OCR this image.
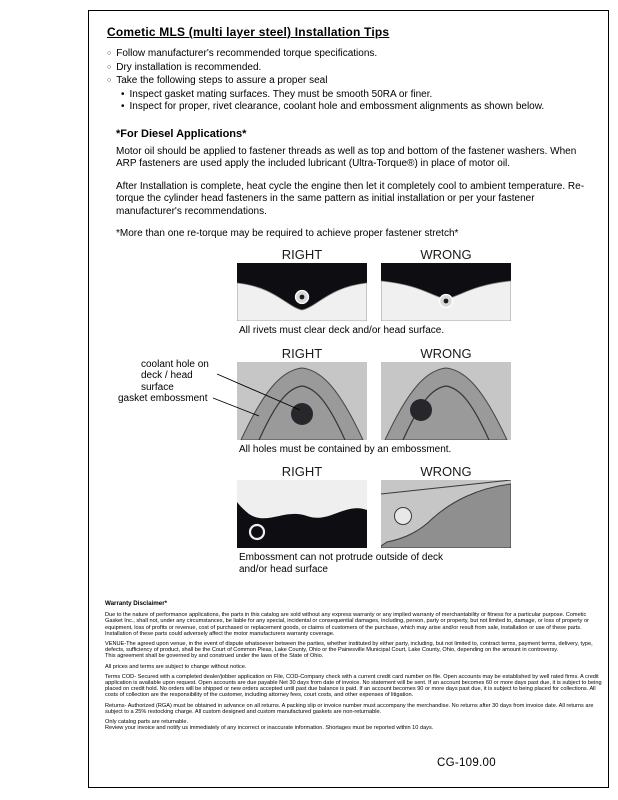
Cometic MLS (multi layer steel) Installation Tips
○ Follow manufacturer's recommended torque specifications.
○ Dry installation is recommended.
○ Take the following steps to assure a proper seal
• Inspect gasket mating surfaces. They must be smooth 50RA or finer.
• Inspect for proper, rivet clearance, coolant hole and embossment alignments as shown below.
*For Diesel Applications*
Motor oil should be applied to fastener threads as well as top and bottom of the fastener washers. When ARP fasteners are used apply the included lubricant (Ultra-Torque®) in place of motor oil.
After Installation is complete, heat cycle the engine then let it completely cool to ambient temperature. Re-torque the cylinder head fasteners in the same pattern as initial installation or per your fastener manufacturer's recommendations.
*More than one re-torque may be required to achieve proper fastener stretch*
RIGHT	WRONG
All rivets must clear deck and/or head surface.
RIGHT	WRONG
coolant hole on deck / head surface
gasket embossment
All holes must be contained by an embossment.
RIGHT	WRONG
Embossment can not protrude outside of deck and/or head surface
Warranty Disclaimer*

Due to the nature of performance applications, the parts in this catalog are sold without any express warranty or any implied warranty of merchantability or fitness for a particular purpose. Cometic Gasket Inc., shall not, under any circumstances, be liable for any special, incidental or consequential damages, including, person, party or property, but not limited to, damage, or loss of property or equipment, loss of profits or revenue, cost of purchased or replacement goods, or claims of customers of the purchase, which may arise and/or result from sale, installation or use of these parts. Installation of these parts could adversely affect the motor manufacturers warranty coverage.

VENUE-The agreed upon venue, in the event of dispute whatsoever between the parties, whether instituted by either party, including, but not limited to, contract terms, payment terms, delivery, type, defects, sufficiency of product, shall be the Court of Common Pleas, Lake County, Ohio or the Painesville Municipal Court, Lake County, Ohio, depending on the amount in controversy.

This agreement shall be governed by and construed under the laws of the State of Ohio.

All prices and terms are subject to change without notice.

Terms COD- Secured with a completed dealer/jobber application on File, COD-Company check with a current credit card number on file. Open accounts may be established by well rated firms. A credit application is available upon request. Open accounts are due payable Net 30 days from date of invoice. No statement will be sent. If an account becomes 60 or more days past due, it is subject to being placed on credit hold. No orders will be shipped or new orders accepted until past due balance is paid. If an account becomes 90 or more days past due, it is subject to being placed for collections. All costs of collection are the responsibility of the customer, including attorney fees, court costs, and other expenses of litigation.

Returns- Authorized (RGA) must be obtained in advance on all returns. A packing slip or invoice number must accompany the merchandise. No returns after 30 days from invoice date. All returns are subject to a 25% restocking charge. All custom designed and custom manufactured gaskets are non-returnable.

Only catalog parts are returnable.

Review your invoice and notify us immediately of any incorrect or inaccurate information. Shortages must be reported within 10 days.

CG-109.00
